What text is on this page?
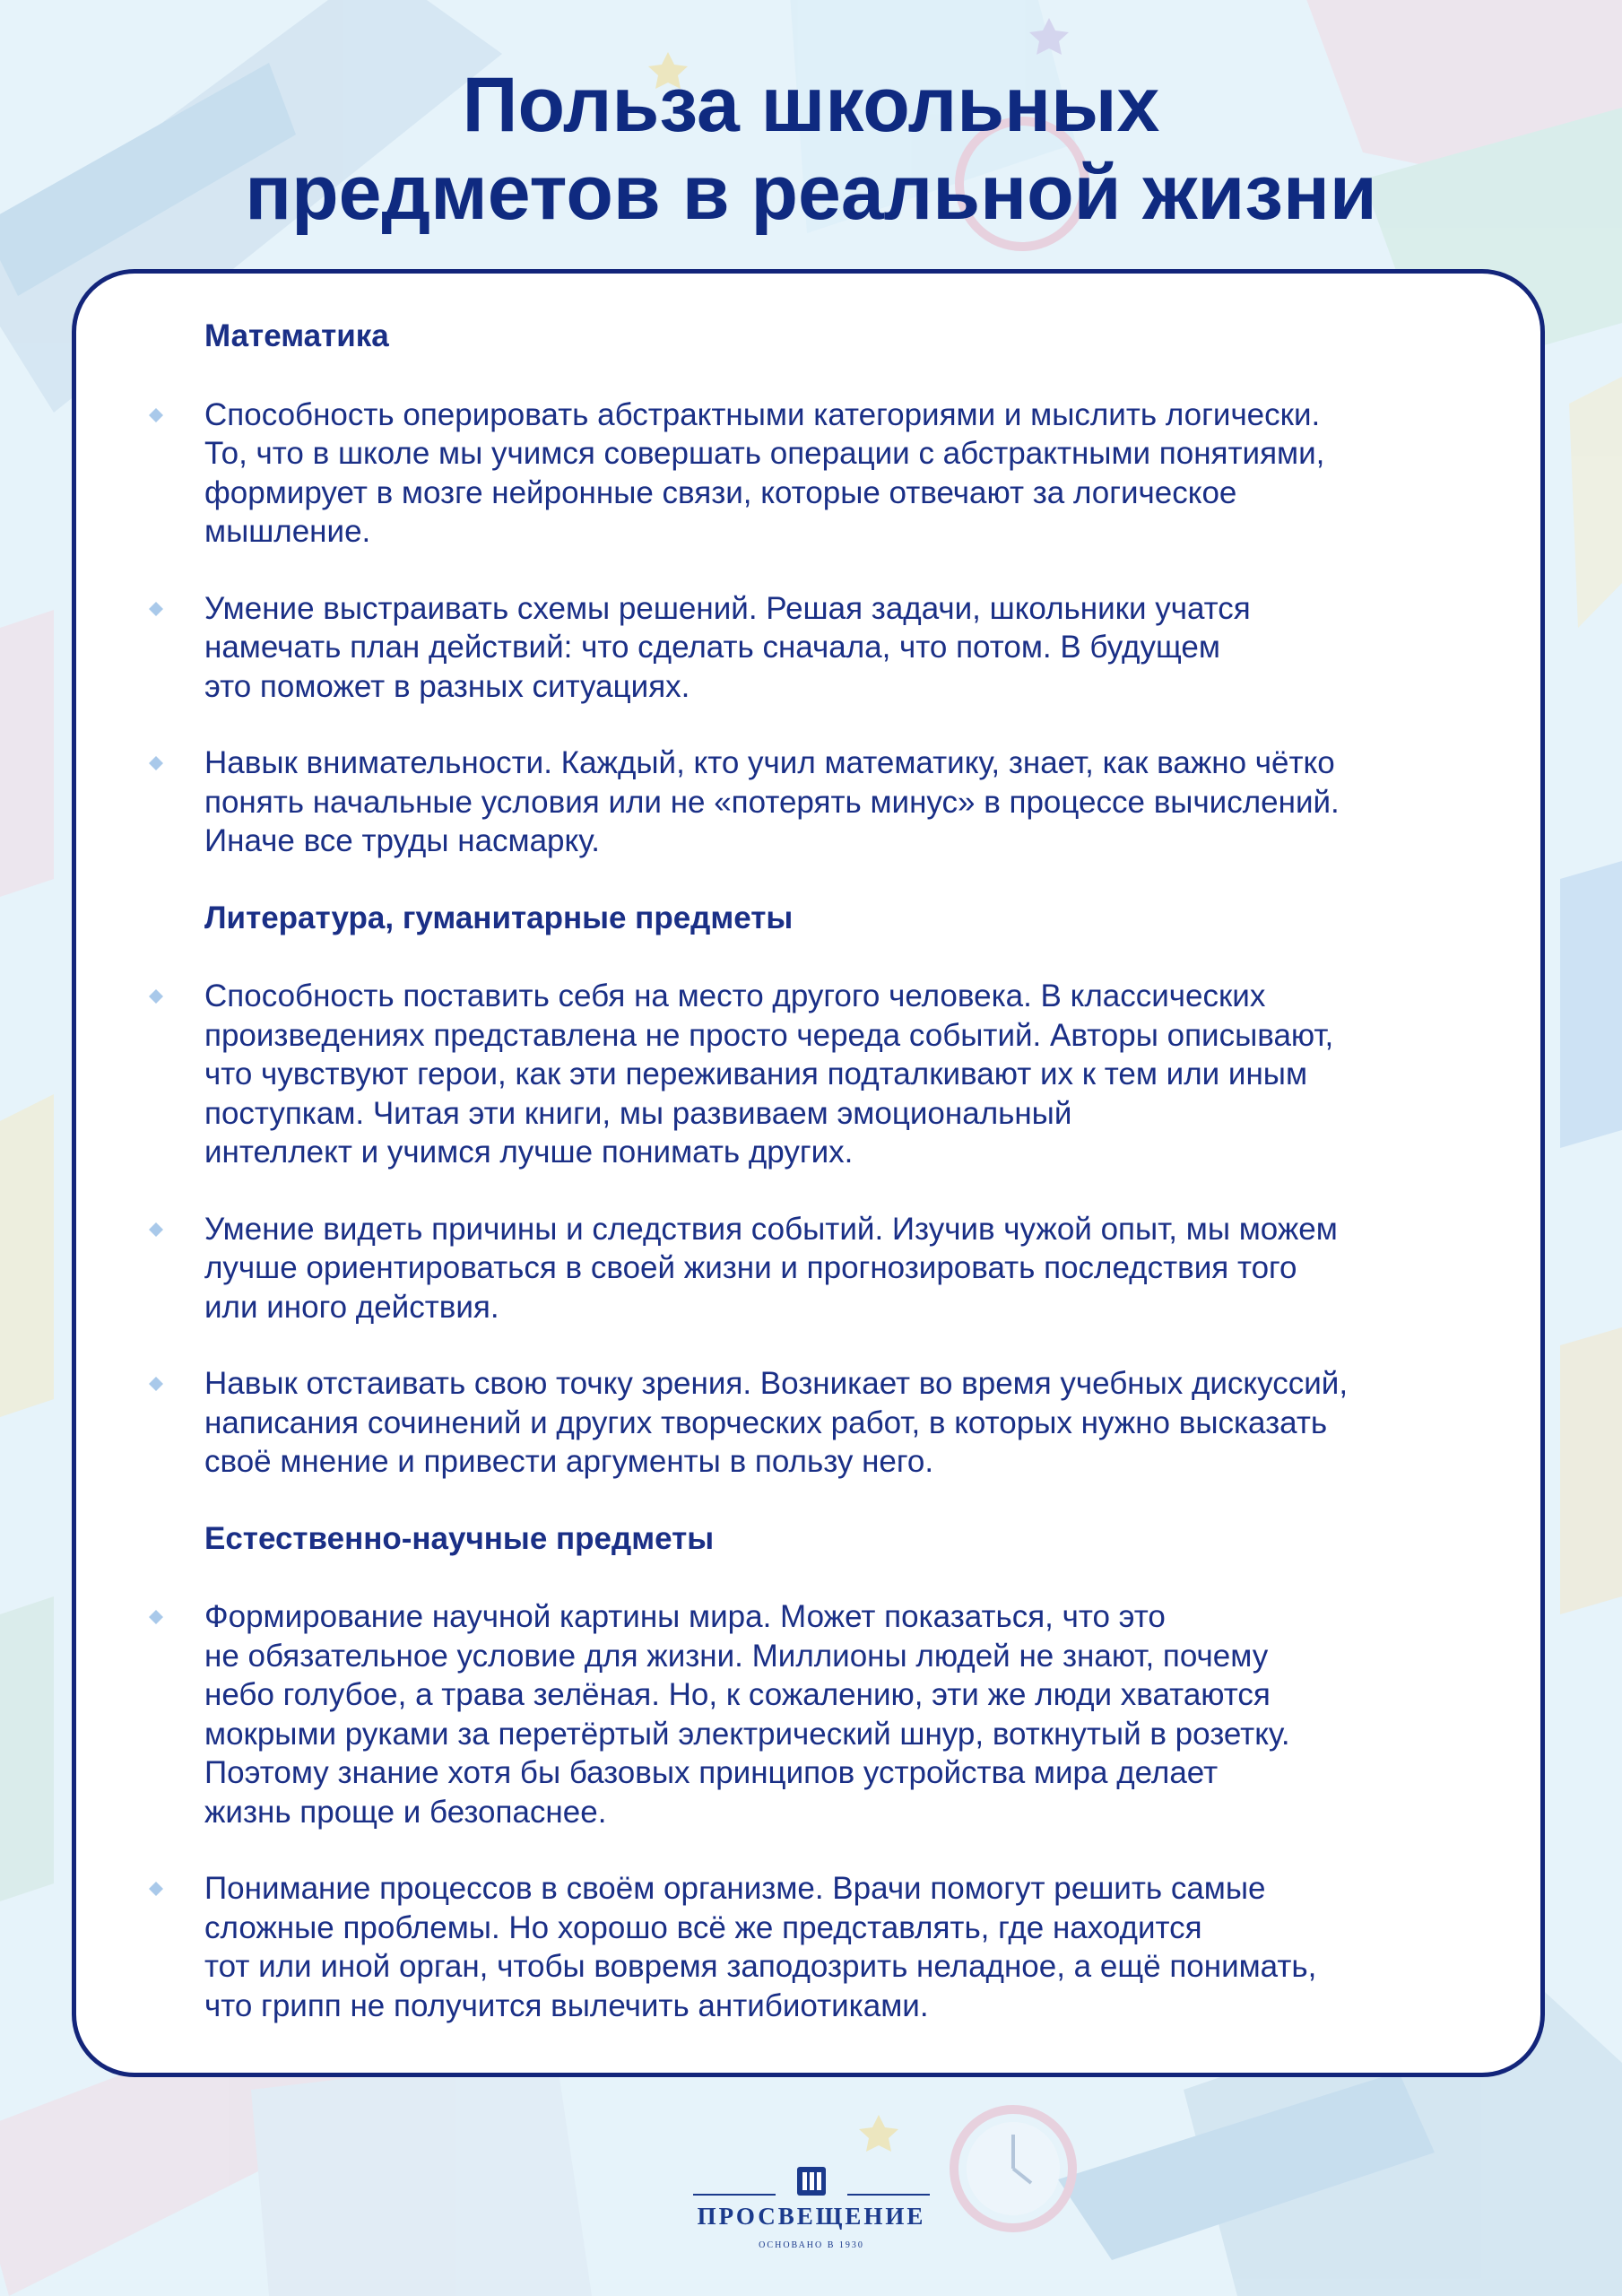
Польза школьных
предметов в реальной жизни
Математика
Способность оперировать абстрактными категориями и мыслить логически.
То, что в школе мы учимся совершать операции с абстрактными понятиями,
формирует в мозге нейронные связи, которые отвечают за логическое
мышление.
Умение выстраивать схемы решений. Решая задачи, школьники учатся
намечать план действий: что сделать сначала, что потом. В будущем
это поможет в разных ситуациях.
Навык внимательности. Каждый, кто учил математику, знает, как важно чётко
понять начальные условия или не «потерять минус» в процессе вычислений.
Иначе все труды насмарку.
Литература, гуманитарные предметы
Способность поставить себя на место другого человека. В классических
произведениях представлена не просто череда событий. Авторы описывают,
что чувствуют герои, как эти переживания подталкивают их к тем или иным
поступкам. Читая эти книги, мы развиваем эмоциональный
интеллект и учимся лучше понимать других.
Умение видеть причины и следствия событий. Изучив чужой опыт, мы можем
лучше ориентироваться в своей жизни и прогнозировать последствия того
или иного действия.
Навык отстаивать свою точку зрения. Возникает во время учебных дискуссий,
написания сочинений и других творческих работ, в которых нужно высказать
своё мнение и привести аргументы в пользу него.
Естественно-научные предметы
Формирование научной картины мира. Может показаться, что это
не обязательное условие для жизни. Миллионы людей не знают, почему
небо голубое, а трава зелёная. Но, к сожалению, эти же люди хватаются
мокрыми руками за перетёртый электрический шнур, воткнутый в розетку.
Поэтому знание хотя бы базовых принципов устройства мира делает
жизнь проще и безопаснее.
Понимание процессов в своём организме. Врачи помогут решить самые
сложные проблемы. Но хорошо всё же представлять, где находится
тот или иной орган, чтобы вовремя заподозрить неладное, а ещё понимать,
что грипп не получится вылечить антибиотиками.
ПРОСВЕЩЕНИЕ
ОСНОВАНО В 1930
